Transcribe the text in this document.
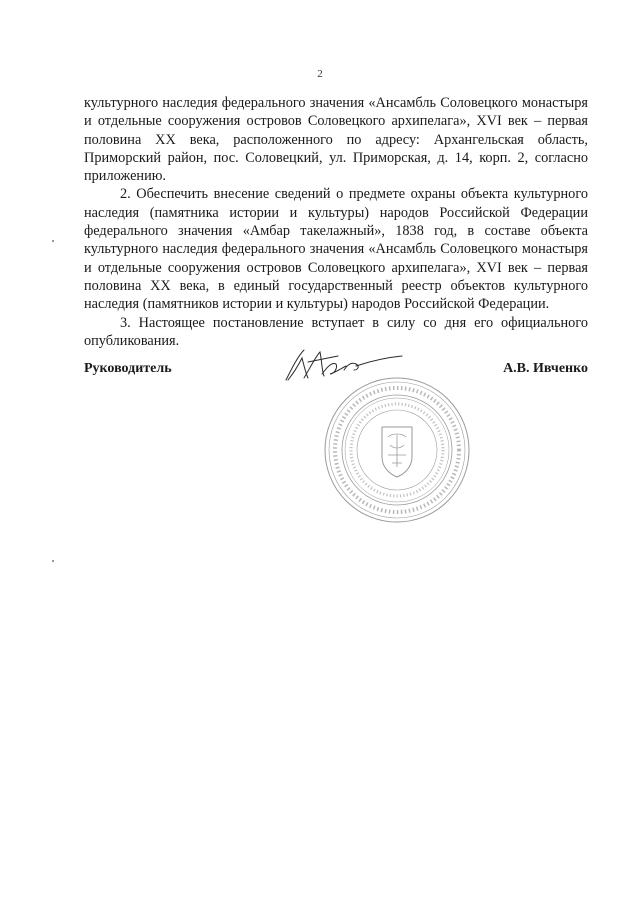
2

культурного наследия федерального значения «Ансамбль Соловецкого монастыря и отдельные сооружения островов Соловецкого архипелага», XVI век – первая половина XX века, расположенного по адресу: Архангельская область, Приморский район, пос. Соловецкий, ул. Приморская, д. 14, корп. 2, согласно приложению.

2. Обеспечить внесение сведений о предмете охраны объекта культурного наследия (памятника истории и культуры) народов Российской Федерации федерального значения «Амбар такелажный», 1838 год, в составе объекта культурного наследия федерального значения «Ансамбль Соловецкого монастыря и отдельные сооружения островов Соловецкого архипелага», XVI век – первая половина XX века, в единый государственный реестр объектов культурного наследия (памятников истории и культуры) народов Российской Федерации.

3. Настоящее постановление вступает в силу со дня его официального опубликования.

Руководитель	А.В. Ивченко
